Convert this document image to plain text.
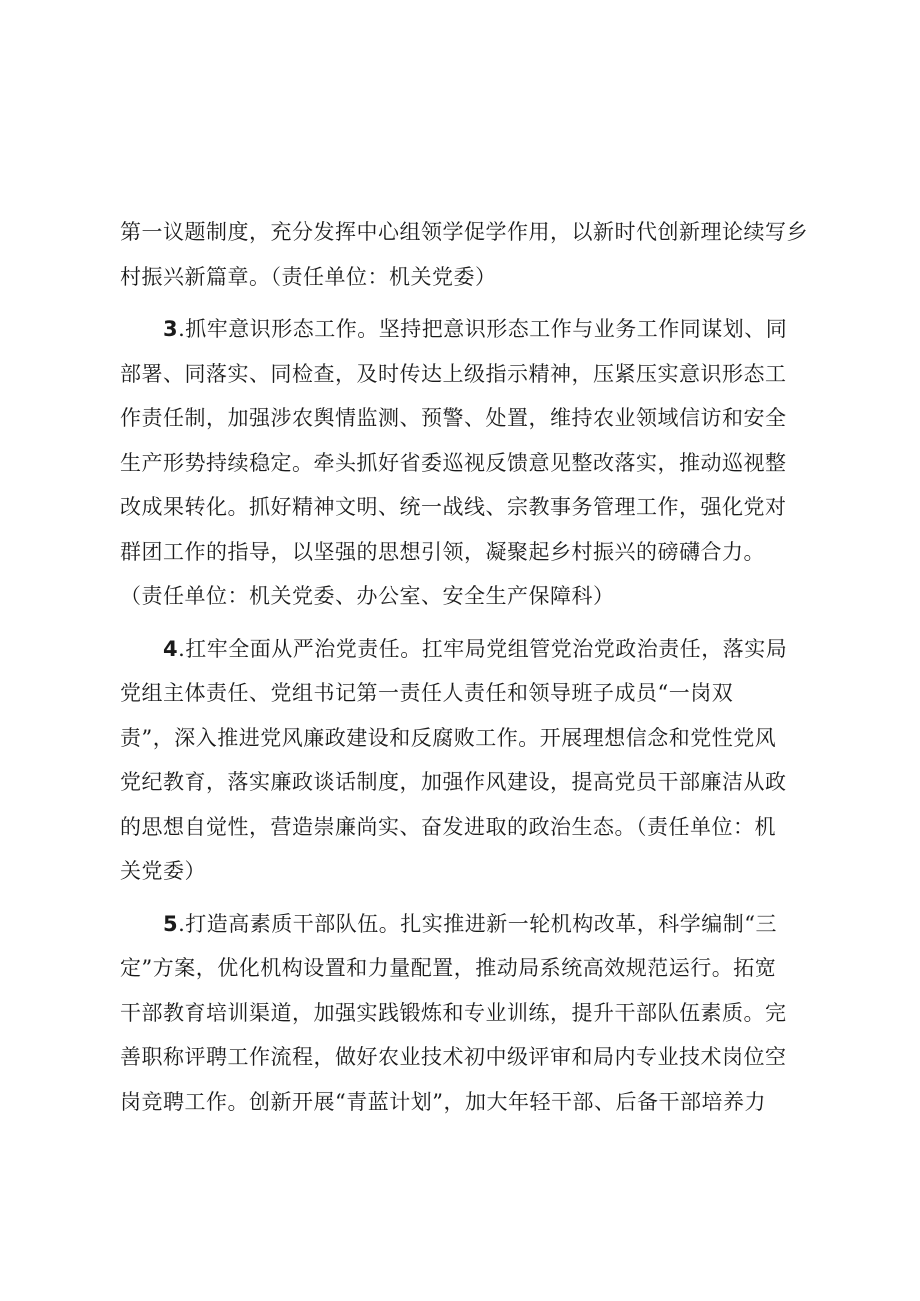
第一议题制度，充分发挥中心组领学促学作用，以新时代创新理论续写乡
村振兴新篇章。（责任单位：机关党委）
3.抓牢意识形态工作。坚持把意识形态工作与业务工作同谋划、同
部署、同落实、同检查，及时传达上级指示精神，压紧压实意识形态工
作责任制，加强涉农舆情监测、预警、处置，维持农业领域信访和安全
生产形势持续稳定。牵头抓好省委巡视反馈意见整改落实，推动巡视整
改成果转化。抓好精神文明、统一战线、宗教事务管理工作，强化党对
群团工作的指导，以坚强的思想引领，凝聚起乡村振兴的磅礴合力。
（责任单位：机关党委、办公室、安全生产保障科）
4.扛牢全面从严治党责任。扛牢局党组管党治党政治责任，落实局
党组主体责任、党组书记第一责任人责任和领导班子成员“一岗双
责”，深入推进党风廉政建设和反腐败工作。开展理想信念和党性党风
党纪教育，落实廉政谈话制度，加强作风建设，提高党员干部廉洁从政
的思想自觉性，营造崇廉尚实、奋发进取的政治生态。（责任单位：机
关党委）
5.打造高素质干部队伍。扎实推进新一轮机构改革，科学编制“三
定”方案，优化机构设置和力量配置，推动局系统高效规范运行。拓宽
干部教育培训渠道，加强实践锻炼和专业训练，提升干部队伍素质。完
善职称评聘工作流程，做好农业技术初中级评审和局内专业技术岗位空
岗竞聘工作。创新开展“青蓝计划”，加大年轻干部、后备干部培养力
